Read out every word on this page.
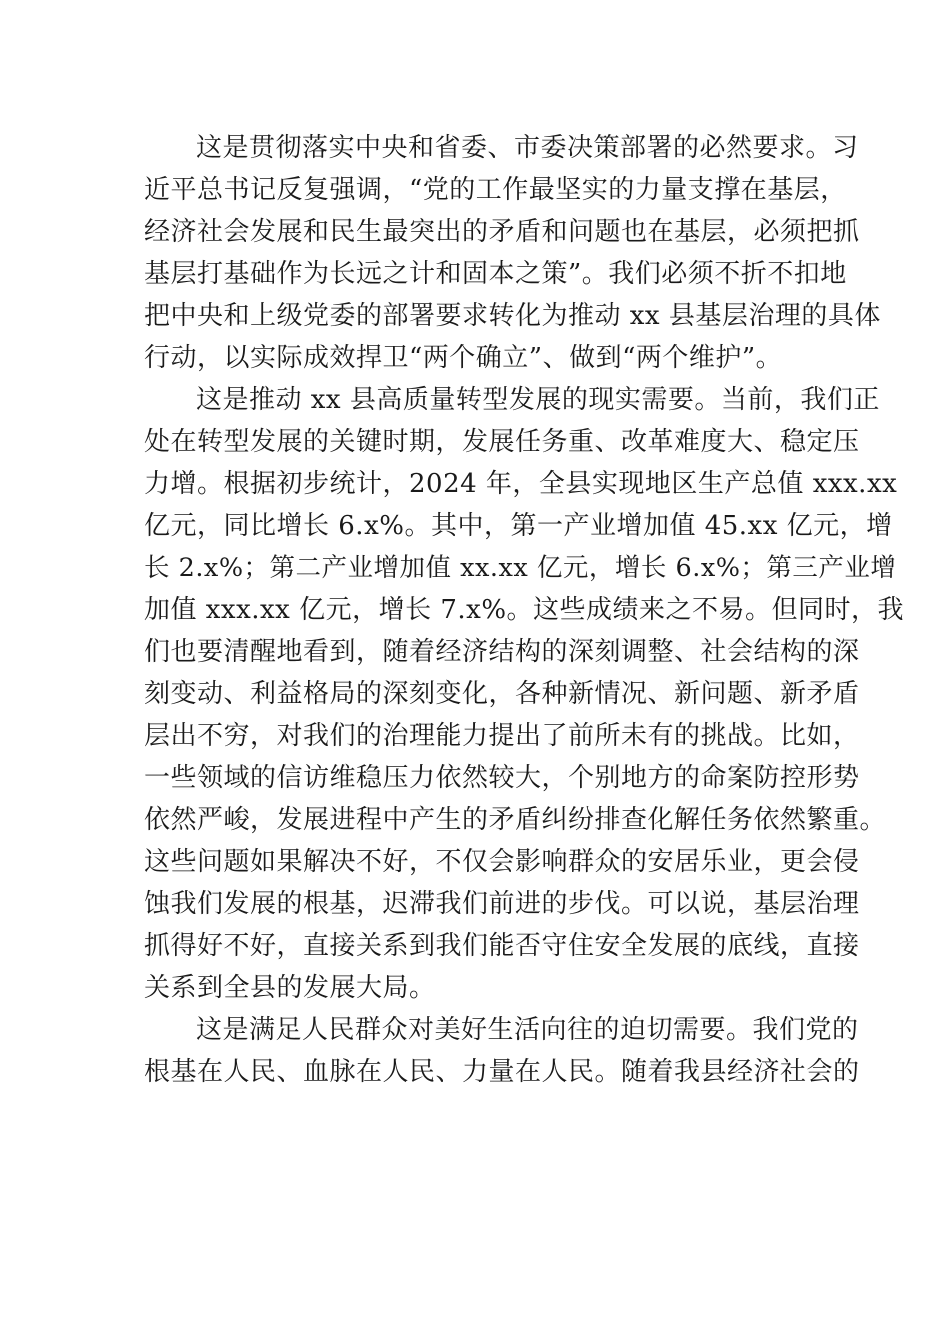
这是贯彻落实中央和省委、市委决策部署的必然要求。习
近平总书记反复强调，“党的工作最坚实的力量支撑在基层，
经济社会发展和民生最突出的矛盾和问题也在基层，必须把抓
基层打基础作为长远之计和固本之策”。我们必须不折不扣地
把中央和上级党委的部署要求转化为推动 xx 县基层治理的具体
行动，以实际成效捍卫“两个确立”、做到“两个维护”。
这是推动 xx 县高质量转型发展的现实需要。当前，我们正
处在转型发展的关键时期，发展任务重、改革难度大、稳定压
力增。根据初步统计，2024 年，全县实现地区生产总值 xxx.xx
亿元，同比增长 6.x%。其中，第一产业增加值 45.xx 亿元，增
长 2.x%；第二产业增加值 xx.xx 亿元，增长 6.x%；第三产业增
加值 xxx.xx 亿元，增长 7.x%。这些成绩来之不易。但同时，我
们也要清醒地看到，随着经济结构的深刻调整、社会结构的深
刻变动、利益格局的深刻变化，各种新情况、新问题、新矛盾
层出不穷，对我们的治理能力提出了前所未有的挑战。比如，
一些领域的信访维稳压力依然较大，个别地方的命案防控形势
依然严峻，发展进程中产生的矛盾纠纷排查化解任务依然繁重。
这些问题如果解决不好，不仅会影响群众的安居乐业，更会侵
蚀我们发展的根基，迟滞我们前进的步伐。可以说，基层治理
抓得好不好，直接关系到我们能否守住安全发展的底线，直接
关系到全县的发展大局。
这是满足人民群众对美好生活向往的迫切需要。我们党的
根基在人民、血脉在人民、力量在人民。随着我县经济社会的
